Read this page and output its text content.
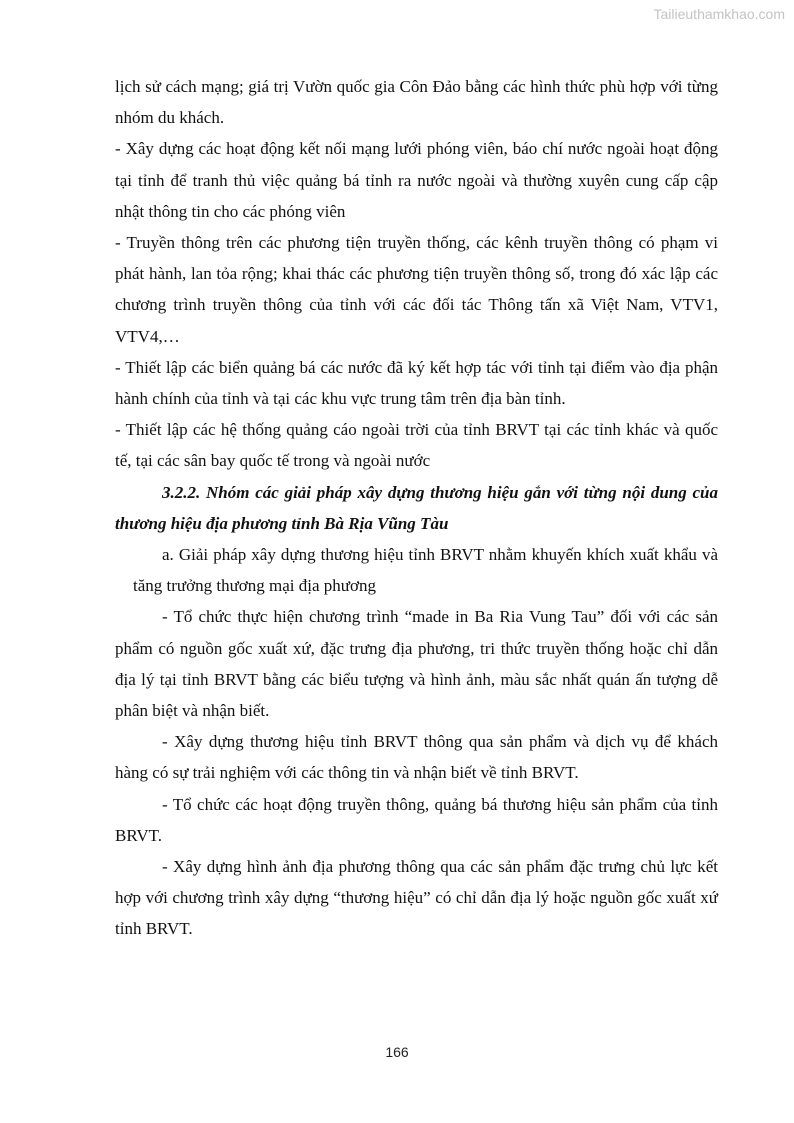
Tailieuthamkhao.com

lịch sử cách mạng; giá trị Vườn quốc gia Côn Đảo bằng các hình thức phù hợp với từng nhóm du khách.

- Xây dựng các hoạt động kết nối mạng lưới phóng viên, báo chí nước ngoài hoạt động tại tỉnh để tranh thủ việc quảng bá tỉnh ra nước ngoài và thường xuyên cung cấp cập nhật thông tin cho các phóng viên

- Truyền thông trên các phương tiện truyền thống, các kênh truyền thông có phạm vi phát hành, lan tỏa rộng; khai thác các phương tiện truyền thông số, trong đó xác lập các chương trình truyền thông của tỉnh với các đối tác Thông tấn xã Việt Nam, VTV1, VTV4,…

- Thiết lập các biển quảng bá các nước đã ký kết hợp tác với tỉnh tại điểm vào địa phận hành chính của tỉnh và tại các khu vực trung tâm trên địa bàn tỉnh.

- Thiết lập các hệ thống quảng cáo ngoài trời của tỉnh BRVT tại các tỉnh khác và quốc tế, tại các sân bay quốc tế trong và ngoài nước

3.2.2. Nhóm các giải pháp xây dựng thương hiệu gắn với từng nội dung của thương hiệu địa phương tỉnh Bà Rịa Vũng Tàu

a. Giải pháp xây dựng thương hiệu tỉnh BRVT nhằm khuyến khích xuất khẩu và tăng trưởng thương mại địa phương

- Tổ chức thực hiện chương trình “made in Ba Ria Vung Tau” đối với các sản phẩm có nguồn gốc xuất xứ, đặc trưng địa phương, tri thức truyền thống hoặc chỉ dẫn địa lý tại tỉnh BRVT bằng các biểu tượng và hình ảnh, màu sắc nhất quán ấn tượng dễ phân biệt và nhận biết.

- Xây dựng thương hiệu tỉnh BRVT thông qua sản phẩm và dịch vụ để khách hàng có sự trải nghiệm với các thông tin và nhận biết về tỉnh BRVT.

- Tổ chức các hoạt động truyền thông, quảng bá thương hiệu sản phẩm của tỉnh BRVT.

- Xây dựng hình ảnh địa phương thông qua các sản phẩm đặc trưng chủ lực kết hợp với chương trình xây dựng “thương hiệu” có chỉ dẫn địa lý hoặc nguồn gốc xuất xứ tỉnh BRVT.

166
